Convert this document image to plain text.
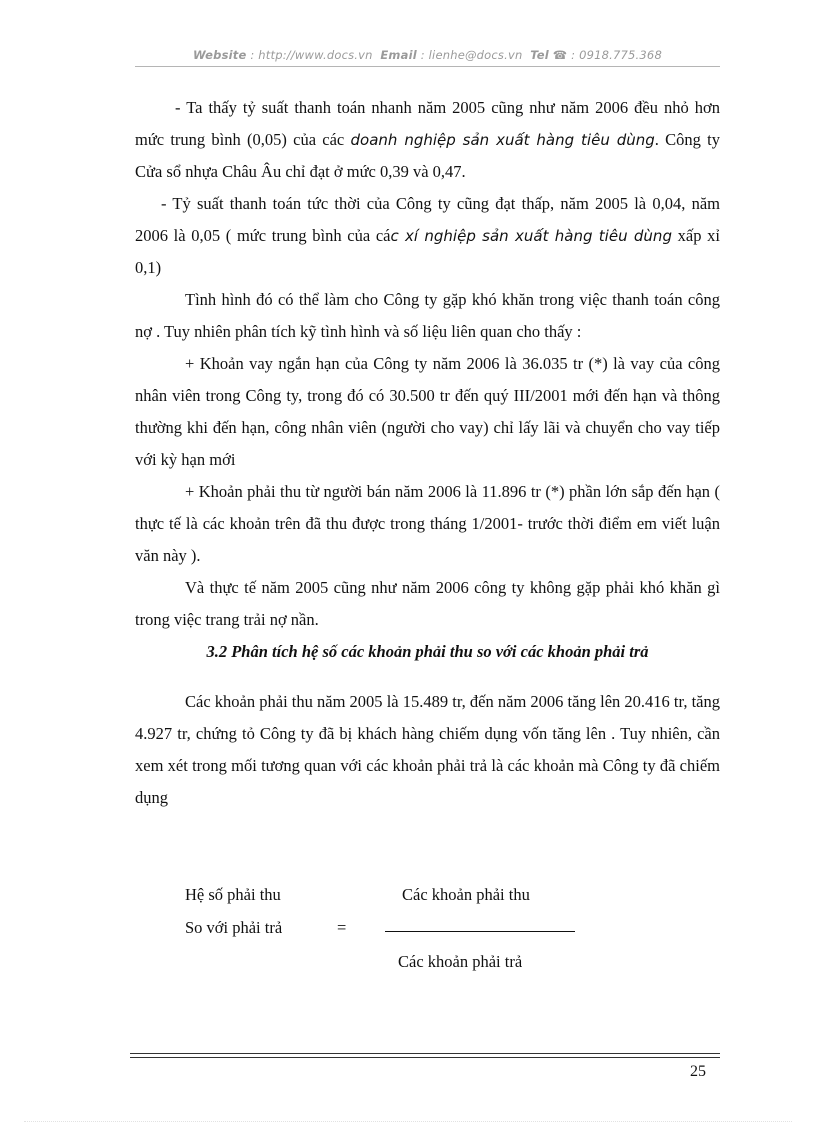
Website : http://www.docs.vn Email : lienhe@docs.vn Tel ☎ : 0918.775.368

- Ta thấy tỷ suất thanh toán nhanh năm 2005 cũng như năm 2006 đều nhỏ hơn mức trung bình (0,05) của các doanh nghiệp sản xuất hàng tiêu dùng. Công ty Cửa sổ nhựa Châu Âu chỉ đạt ở mức 0,39 và 0,47.

- Tỷ suất thanh toán tức thời của Công ty cũng đạt thấp, năm 2005 là 0,04, năm 2006 là 0,05 ( mức trung bình của các xí nghiệp sản xuất hàng tiêu dùng xấp xỉ 0,1)

Tình hình đó có thể làm cho Công ty gặp khó khăn trong việc thanh toán công nợ . Tuy nhiên phân tích kỹ tình hình và số liệu liên quan cho thấy :

+ Khoản vay ngắn hạn của Công ty năm 2006 là 36.035 tr (*) là vay của công nhân viên trong Công ty, trong đó có 30.500 tr đến quý III/2001 mới đến hạn và thông thường khi đến hạn, công nhân viên (người cho vay) chỉ lấy lãi và chuyển cho vay tiếp với kỳ hạn mới

+ Khoản phải thu từ người bán năm 2006 là 11.896 tr (*) phần lớn sắp đến hạn ( thực tế là các khoản trên đã thu được trong tháng 1/2001- trước thời điểm em viết luận văn này ).

Và thực tế năm 2005 cũng như năm 2006 công ty không gặp phải khó khăn gì trong việc trang trải nợ nần.

3.2 Phân tích hệ số các khoản phải thu so với các khoản phải trả

Các khoản phải thu năm 2005 là 15.489 tr, đến năm 2006 tăng lên 20.416 tr, tăng 4.927 tr, chứng tỏ Công ty đã bị khách hàng chiếm dụng vốn tăng lên . Tuy nhiên, cần xem xét trong mối tương quan với các khoản phải trả là các khoản mà Công ty đã chiếm dụng

Hệ số phải thu
So với phải trả	=
Các khoản phải thu
Các khoản phải trả
25
